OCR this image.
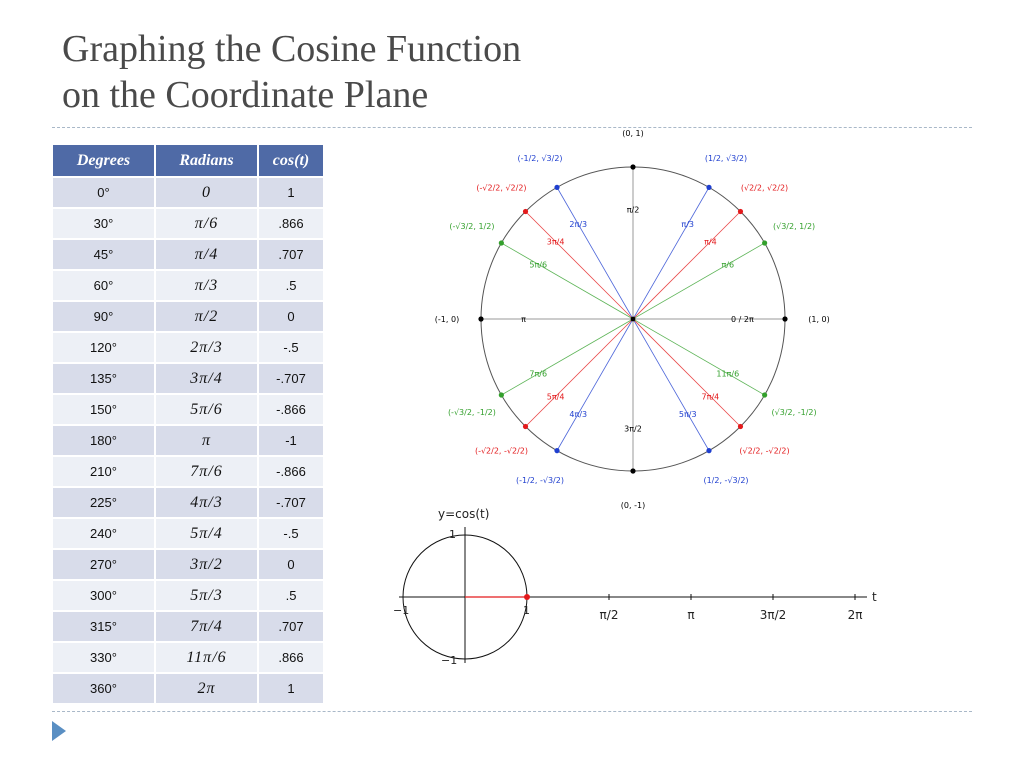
Graphing the Cosine Function
on the Coordinate Plane
Degrees	Radians	cos(t)
0°	0	1
30°	π/6	.866
45°	π/4	.707
60°	π/3	.5
90°	π/2	0
120°	2π/3	-.5
135°	3π/4	-.707
150°	5π/6	-.866
180°	π	-1
210°	7π/6	-.866
225°	4π/3	-.707
240°	5π/4	-.5
270°	3π/2	0
300°	5π/3	.5
315°	7π/4	.707
330°	11π/6	.866
360°	2π	1
0 / 2π	(1, 0)
π/6
(√3/2, 1/2)
π/4
(√2/2, √2/2)
π/3
(1/2, √3/2)
π/2
(0, 1)
2π/3
(-1/2, √3/2)
3π/4
(-√2/2, √2/2)
5π/6
(-√3/2, 1/2)
π
(-1, 0)
7π/6
(-√3/2, -1/2)
5π/4
(-√2/2, -√2/2)
4π/3
(-1/2, -√3/2)
3π/2
(0, -1)
5π/3
(1/2, -√3/2)
7π/4
(√2/2, -√2/2)
11π/6
(√3/2, -1/2)
y=cos(t)
t
1
−1
−1	1	π/2	π	3π/2	2π
